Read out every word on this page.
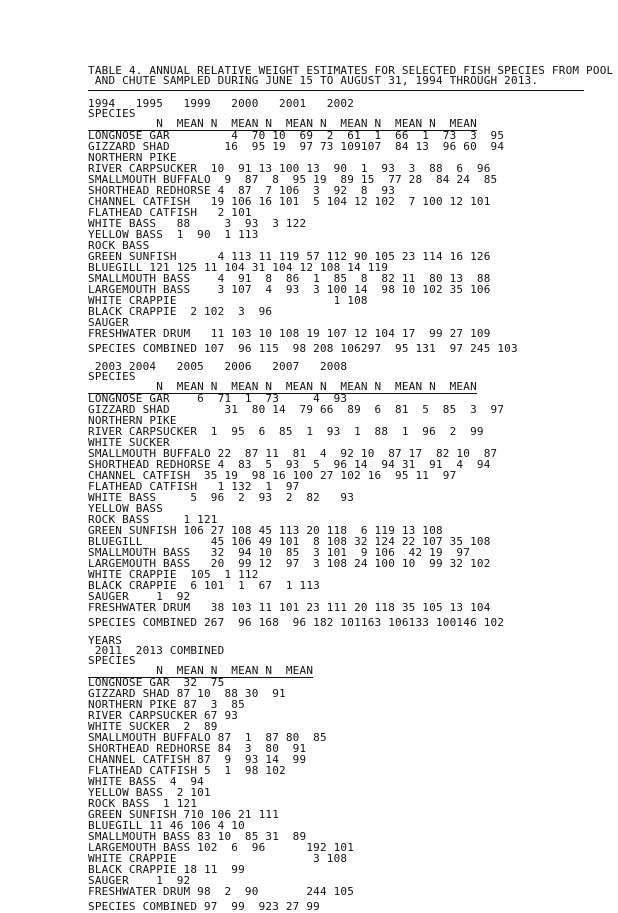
TABLE 4. ANNUAL RELATIVE WEIGHT ESTIMATES FOR SELECTED FISH SPECIES FROM POOL
AND CHUTE SAMPLED DURING JUNE 15 TO AUGUST 31, 1994 THROUGH 2013.
1994   1995   1999   2000   2001   2002
SPECIES
N  MEAN N  MEAN N  MEAN N  MEAN N  MEAN N  MEAN
LONGNOSE GAR         4  70 10  69  2  61  1  66  1  73  3  95
GIZZARD SHAD        16  95 19  97 73 109107  84 13  96 60  94
NORTHERN PIKE
RIVER CARPSUCKER  10  91 13 100 13  90  1  93  3  88  6  96
SMALLMOUTH BUFFALO  9  87  8  95 19  89 15  77 28  84 24  85
SHORTHEAD REDHORSE 4  87  7 106  3  92  8  93
CHANNEL CATFISH   19 106 16 101  5 104 12 102  7 100 12 101
FLATHEAD CATFISH   2 101
WHITE BASS   88     3  93  3 122
YELLOW BASS  1  90  1 113
ROCK BASS
GREEN SUNFISH      4 113 11 119 57 112 90 105 23 114 16 126
BLUEGILL 121 125 11 104 31 104 12 108 14 119
SMALLMOUTH BASS    4  91  8  86  1  85  8  82 11  80 13  88
LARGEMOUTH BASS    3 107  4  93  3 100 14  98 10 102 35 106
WHITE CRAPPIE                       1 108
BLACK CRAPPIE  2 102  3  96
SAUGER
FRESHWATER DRUM   11 103 10 108 19 107 12 104 17  99 27 109
SPECIES COMBINED 107  96 115  98 208 106297  95 131  97 245 103
2003 2004   2005   2006   2007   2008
SPECIES
N  MEAN N  MEAN N  MEAN N  MEAN N  MEAN N  MEAN
LONGNOSE GAR    6  71  1  73     4  93
GIZZARD SHAD        31  80 14  79 66  89  6  81  5  85  3  97
NORTHERN PIKE
RIVER CARPSUCKER  1  95  6  85  1  93  1  88  1  96  2  99
WHITE SUCKER
SMALLMOUTH BUFFALO 22  87 11  81  4  92 10  87 17  82 10  87
SHORTHEAD REDHORSE 4  83  5  93  5  96 14  94 31  91  4  94
CHANNEL CATFISH  35 19  98 16 100 27 102 16  95 11  97
FLATHEAD CATFISH   1 132  1  97
WHITE BASS     5  96  2  93  2  82   93
YELLOW BASS
ROCK BASS     1 121
GREEN SUNFISH 106 27 108 45 113 20 118  6 119 13 108
BLUEGILL          45 106 49 101  8 108 32 124 22 107 35 108
SMALLMOUTH BASS   32  94 10  85  3 101  9 106  42 19  97
LARGEMOUTH BASS   20  99 12  97  3 108 24 100 10  99 32 102
WHITE CRAPPIE  105  1 112
BLACK CRAPPIE  6 101  1  67  1 113
SAUGER    1  92
FRESHWATER DRUM   38 103 11 101 23 111 20 118 35 105 13 104
SPECIES COMBINED 267  96 168  96 182 101163 106133 100146 102
YEARS
2011  2013 COMBINED
SPECIES
N  MEAN N  MEAN N  MEAN
LONGNOSE GAR  32  75
GIZZARD SHAD 87 10  88 30  91
NORTHERN PIKE 87  3  85
RIVER CARPSUCKER 67 93
WHITE SUCKER  2  89
SMALLMOUTH BUFFALO 87  1  87 80  85
SHORTHEAD REDHORSE 84  3  80  91
CHANNEL CATFISH 87  9  93 14  99
FLATHEAD CATFISH 5  1  98 102
WHITE BASS  4  94
YELLOW BASS  2 101
ROCK BASS  1 121
GREEN SUNFISH 710 106 21 111
BLUEGILL 11 46 106 4 10
SMALLMOUTH BASS 83 10  85 31  89
LARGEMOUTH BASS 102  6  96      192 101
WHITE CRAPPIE                    3 108
BLACK CRAPPIE 18 11  99
SAUGER    1  92
FRESHWATER DRUM 98  2  90       244 105
SPECIES COMBINED 97  99  923 27 99
